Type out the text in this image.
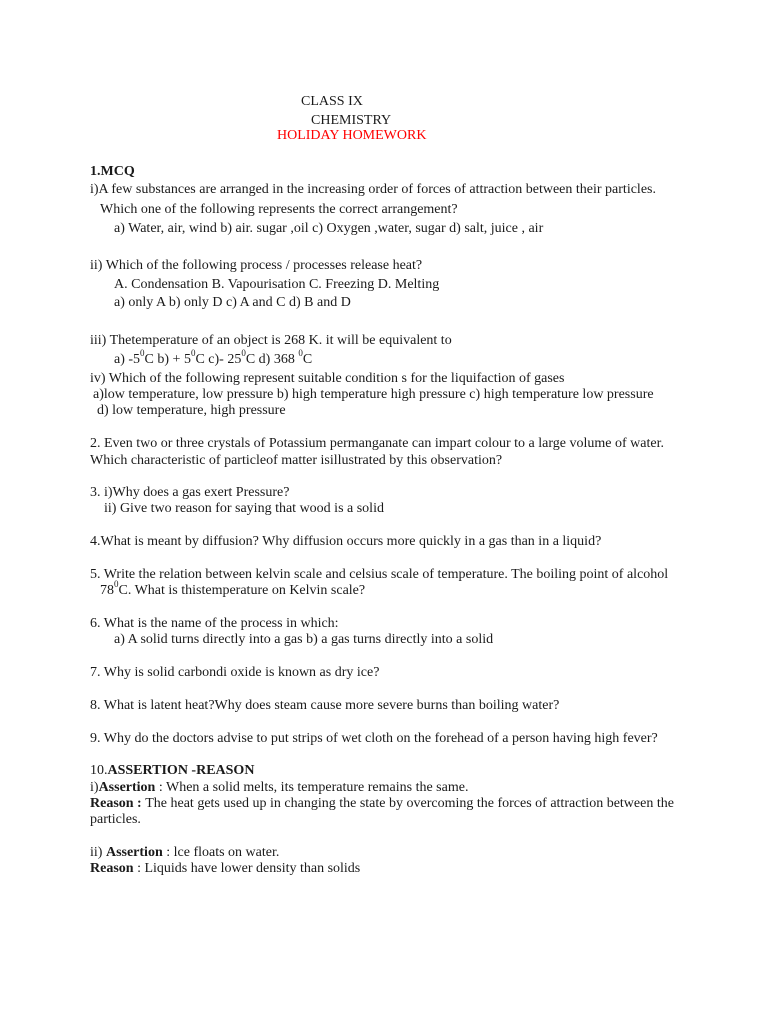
CLASS IX
CHEMISTRY
HOLIDAY HOMEWORK
1.MCQ
i)A few substances are arranged in the increasing order of forces of attraction between their particles.
Which one of the following represents the correct arrangement?
a) Water, air, wind b) air. sugar ,oil c) Oxygen ,water, sugar d) salt, juice , air
ii) Which of the following process / processes release heat?
A. Condensation B. Vapourisation C. Freezing D. Melting
a) only A b) only D c) A and C d) B and D
iii) Thetemperature of an object is 268 K. it will be equivalent to
a) $-5^0C$ $b) + 5^0C$ c)- $25^0C$ d) 368 $^0$C
iv) Which of the following represent suitable condition s for the liquifaction of gases
a)low temperature, low pressure b) high temperature high pressure c) high temperature low pressure
d) low temperature, high pressure
2. Even two or three crystals of Potassium permanganate can impart colour to a large volume of water.
Which characteristic of particleof matter isillustrated by this observation?
3. i)Why does a gas exert Pressure?
ii) Give two reason for saying that wood is a solid
4.What is meant by diffusion? Why diffusion occurs more quickly in a gas than in a liquid?
5. Write the relation between kelvin scale and celsius scale of temperature. The boiling point of alcohol
$78^0C$. What is thistemperature on Kelvin scale?
6. What is the name of the process in which:
a) A solid turns directly into a gas b) a gas turns directly into a solid
7. Why is solid carbondi oxide is known as dry ice?
8. What is latent heat?Why does steam cause more severe burns than boiling water?
9. Why do the doctors advise to put strips of wet cloth on the forehead of a person having high fever?
10.ASSERTION -REASON
i)Assertion : When a solid melts, its temperature remains the same.
Reason : The heat gets used up in changing the state by overcoming the forces of attraction between the
particles.
ii) Assertion : lce floats on water.
Reason : Liquids have lower density than solids
